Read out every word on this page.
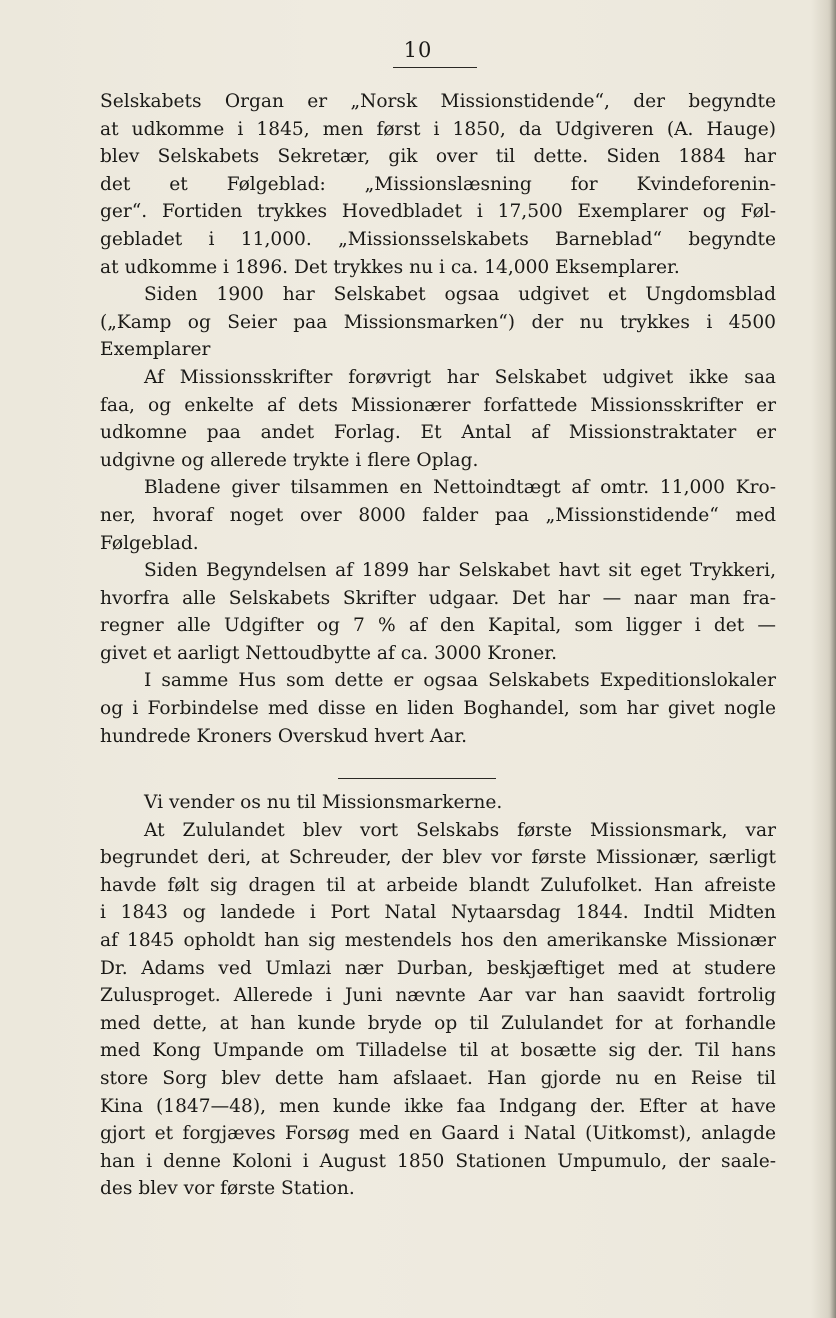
10
Selskabets Organ er „Norsk Missionstidende“, der begyndte
at udkomme i 1845, men først i 1850, da Udgiveren (A. Hauge)
blev Selskabets Sekretær, gik over til dette. Siden 1884 har
det et Følgeblad: „Missionslæsning for Kvindeforenin-
ger“. Fortiden trykkes Hovedbladet i 17,500 Exemplarer og Føl-
gebladet i 11,000. „Missionsselskabets Barneblad“ begyndte
at udkomme i 1896. Det trykkes nu i ca. 14,000 Eksemplarer.
Siden 1900 har Selskabet ogsaa udgivet et Ungdomsblad
(„Kamp og Seier paa Missionsmarken“) der nu trykkes i 4500
Exemplarer
Af Missionsskrifter forøvrigt har Selskabet udgivet ikke saa
faa, og enkelte af dets Missionærer forfattede Missionsskrifter er
udkomne paa andet Forlag. Et Antal af Missionstraktater er
udgivne og allerede trykte i flere Oplag.
Bladene giver tilsammen en Nettoindtægt af omtr. 11,000 Kro-
ner, hvoraf noget over 8000 falder paa „Missionstidende“ med
Følgeblad.
Siden Begyndelsen af 1899 har Selskabet havt sit eget Trykkeri,
hvorfra alle Selskabets Skrifter udgaar. Det har — naar man fra-
regner alle Udgifter og 7 % af den Kapital, som ligger i det —
givet et aarligt Nettoudbytte af ca. 3000 Kroner.
I samme Hus som dette er ogsaa Selskabets Expeditionslokaler
og i Forbindelse med disse en liden Boghandel, som har givet nogle
hundrede Kroners Overskud hvert Aar.
Vi vender os nu til Missionsmarkerne.
At Zululandet blev vort Selskabs første Missionsmark, var
begrundet deri, at Schreuder, der blev vor første Missionær, særligt
havde følt sig dragen til at arbeide blandt Zulufolket. Han afreiste
i 1843 og landede i Port Natal Nytaarsdag 1844. Indtil Midten
af 1845 opholdt han sig mestendels hos den amerikanske Missionær
Dr. Adams ved Umlazi nær Durban, beskjæftiget med at studere
Zulusproget. Allerede i Juni nævnte Aar var han saavidt fortrolig
med dette, at han kunde bryde op til Zululandet for at forhandle
med Kong Umpande om Tilladelse til at bosætte sig der. Til hans
store Sorg blev dette ham afslaaet. Han gjorde nu en Reise til
Kina (1847—48), men kunde ikke faa Indgang der. Efter at have
gjort et forgjæves Forsøg med en Gaard i Natal (Uitkomst), anlagde
han i denne Koloni i August 1850 Stationen Umpumulo, der saale-
des blev vor første Station.
